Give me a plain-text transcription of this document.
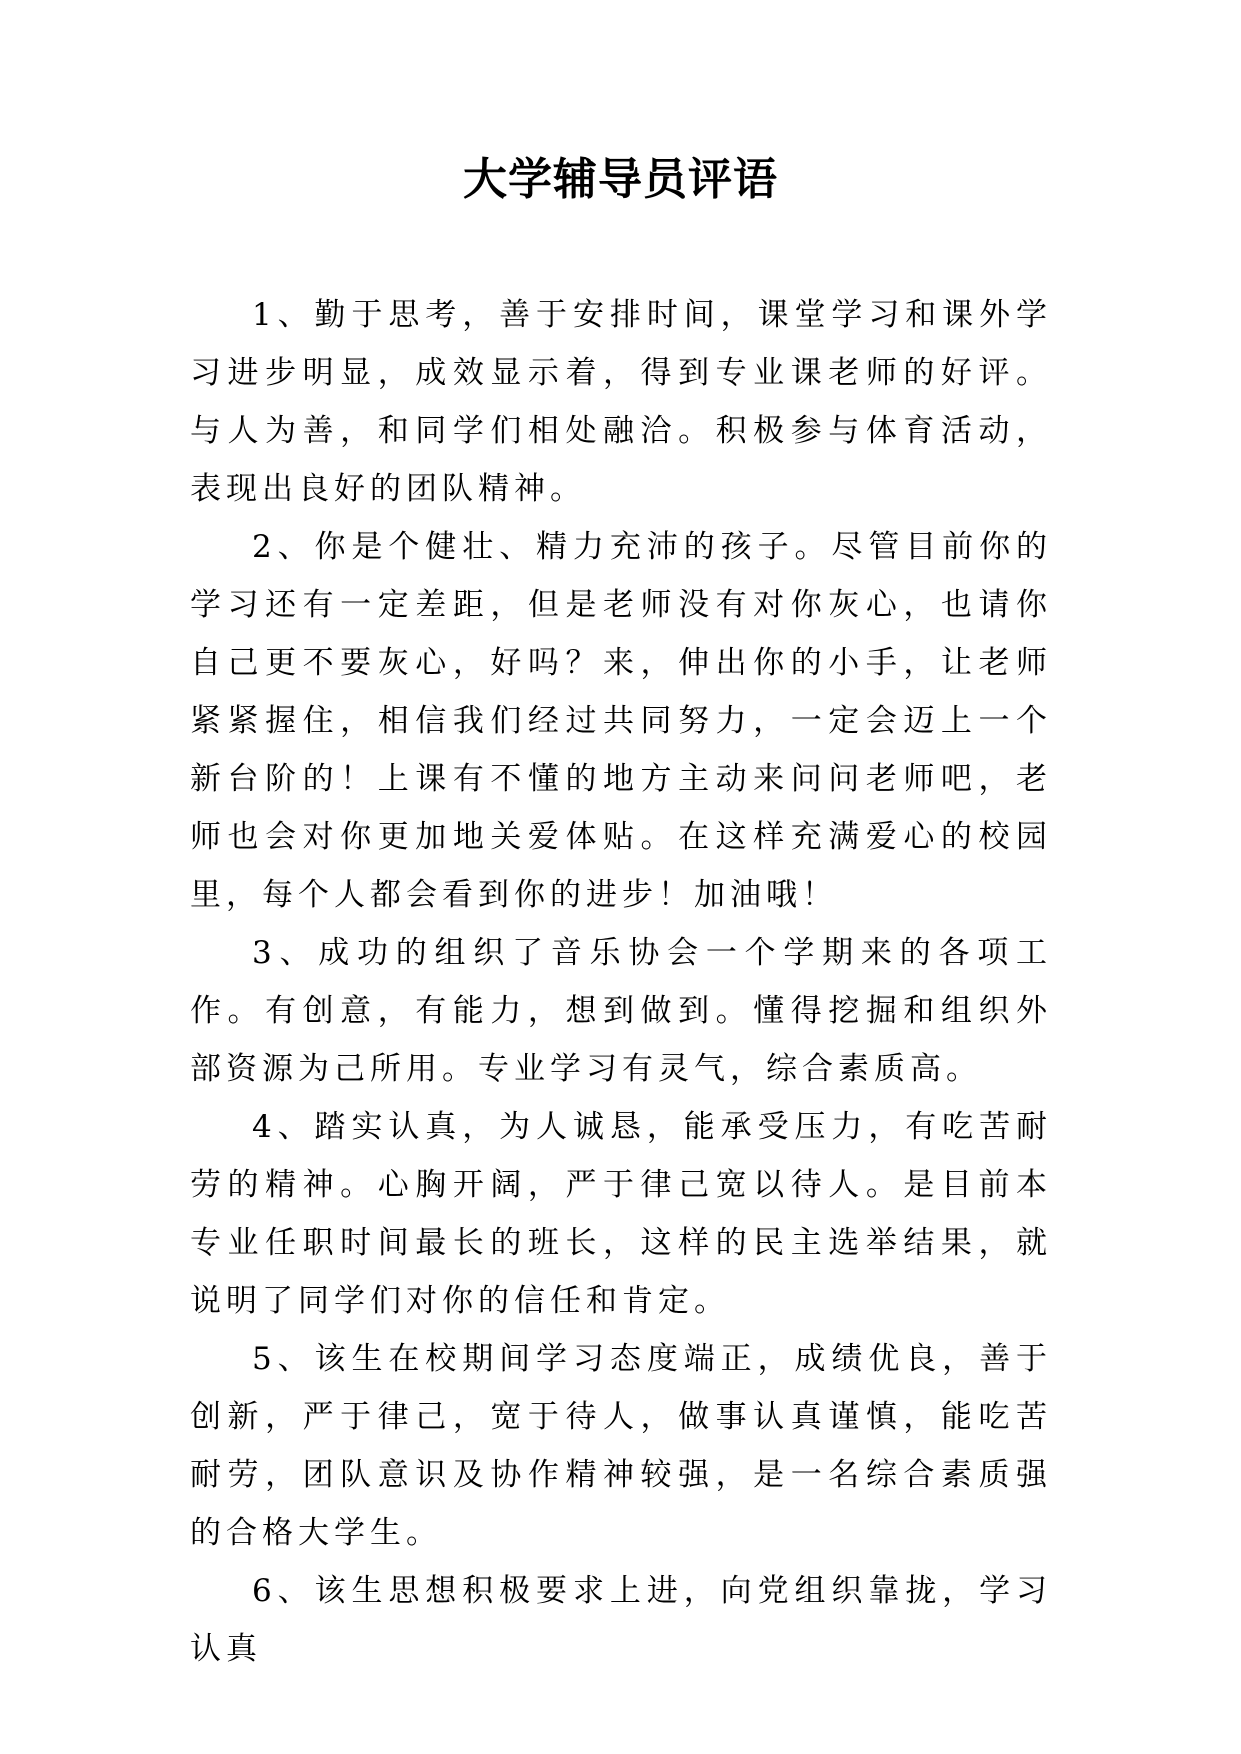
大学辅导员评语

1、勤于思考，善于安排时间，课堂学习和课外学习进步明显，成效显示着，得到专业课老师的好评。与人为善，和同学们相处融洽。积极参与体育活动，表现出良好的团队精神。

2、你是个健壮、精力充沛的孩子。尽管目前你的学习还有一定差距，但是老师没有对你灰心，也请你自己更不要灰心，好吗？来，伸出你的小手，让老师紧紧握住，相信我们经过共同努力，一定会迈上一个新台阶的！上课有不懂的地方主动来问问老师吧，老师也会对你更加地关爱体贴。在这样充满爱心的校园里，每个人都会看到你的进步！加油哦！

3、成功的组织了音乐协会一个学期来的各项工作。有创意，有能力，想到做到。懂得挖掘和组织外部资源为己所用。专业学习有灵气，综合素质高。

4、踏实认真，为人诚恳，能承受压力，有吃苦耐劳的精神。心胸开阔，严于律己宽以待人。是目前本专业任职时间最长的班长，这样的民主选举结果，就说明了同学们对你的信任和肯定。

5、该生在校期间学习态度端正，成绩优良，善于创新，严于律己，宽于待人，做事认真谨慎，能吃苦耐劳，团队意识及协作精神较强，是一名综合素质强的合格大学生。

6、该生思想积极要求上进，向党组织靠拢，学习认真
